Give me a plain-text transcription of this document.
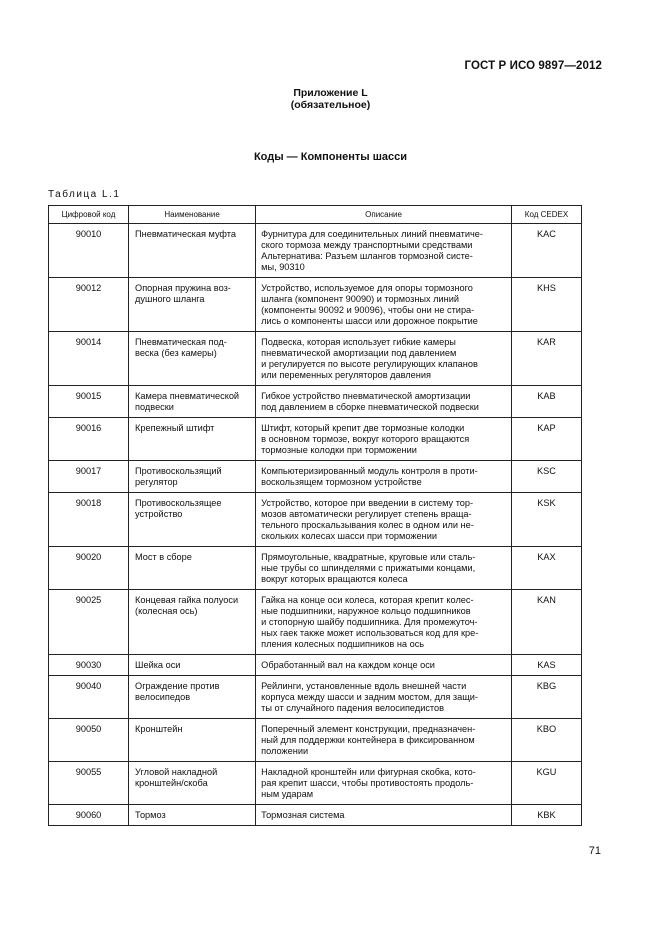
ГОСТ Р ИСО 9897—2012
Приложение L
(обязательное)
Коды — Компоненты шасси
Таблица L.1
Цифровой код	Наименование	Описание	Код CEDEX
90010	Пневматическая муфта	Фурнитура для соединительных линий пневматиче-
ского тормоза между транспортными средствами
Альтернатива: Разъем шлангов тормозной систе-
мы, 90310	KAC
90012	Опорная пружина воз-
душного шланга	Устройство, используемое для опоры тормозного
шланга (компонент 90090) и тормозных линий
(компоненты 90092 и 90096), чтобы они не стира-
лись о компоненты шасси или дорожное покрытие	KHS
90014	Пневматическая под-
веска (без камеры)	Подвеска, которая использует гибкие камеры
пневматической амортизации под давлением
и регулируется по высоте регулирующих клапанов
или переменных регуляторов давления	KAR
90015	Камера пневматической
подвески	Гибкое устройство пневматической амортизации
под давлением в сборке пневматической подвески	KAB
90016	Крепежный штифт	Штифт, который крепит две тормозные колодки
в основном тормозе, вокруг которого вращаются
тормозные колодки при торможении	KAP
90017	Противоскользящий
регулятор	Компьютеризированный модуль контроля в проти-
воскользящем тормозном устройстве	KSC
90018	Противоскользящее
устройство	Устройство, которое при введении в систему тор-
мозов автоматически регулирует степень враща-
тельного проскальзывания колес в одном или не-
скольких колесах шасси при торможении	KSK
90020	Мост в сборе	Прямоугольные, квадратные, круговые или сталь-
ные трубы со шпинделями с прижатыми концами,
вокруг которых вращаются колеса	KAX
90025	Концевая гайка полуоси
(колесная ось)	Гайка на конце оси колеса, которая крепит колес-
ные подшипники, наружное кольцо подшипников
и стопорную шайбу подшипника. Для промежуточ-
ных гаек также может использоваться код для кре-
пления колесных подшипников на ось	KAN
90030	Шейка оси	Обработанный вал на каждом конце оси	KAS
90040	Ограждение против
велосипедов	Рейлинги, установленные вдоль внешней части
корпуса между шасси и задним мостом, для защи-
ты от случайного падения велосипедистов	KBG
90050	Кронштейн	Поперечный элемент конструкции, предназначен-
ный для поддержки контейнера в фиксированном
положении	KBO
90055	Угловой накладной
кронштейн/скоба	Накладной кронштейн или фигурная скобка, кото-
рая крепит шасси, чтобы противостоять продоль-
ным ударам	KGU
90060	Тормоз	Тормозная система	KBK
71
